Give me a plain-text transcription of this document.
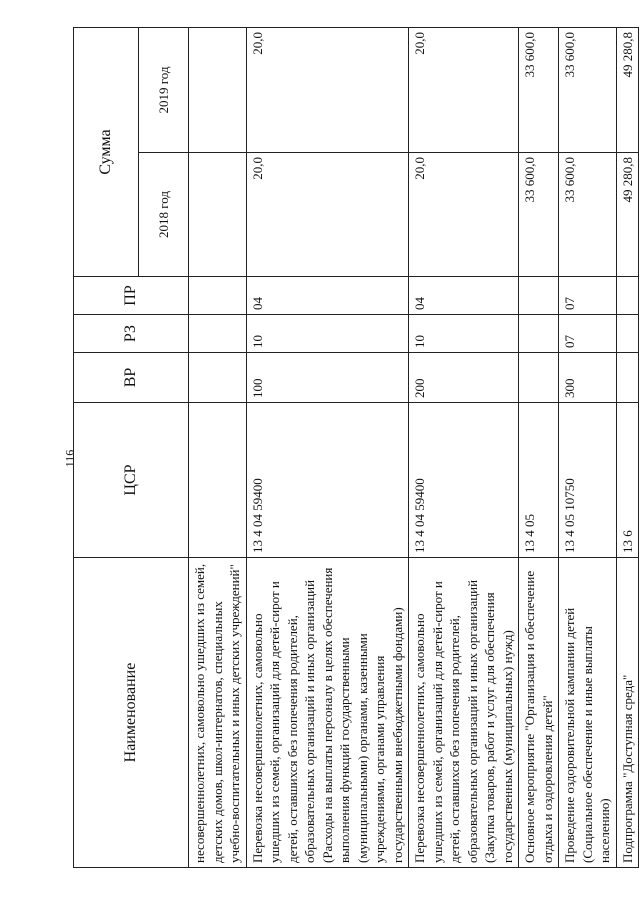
116
Наименование	ЦСР	ВР	РЗ	ПР	Сумма	
					2018 год	2019 год
несовершеннолетних, самовольно ушедших из семей, детских домов, школ-интернатов, специальных учебно-воспитательных и иных детских учреждений"						
Перевозка несовершеннолетних, самовольно ушедших из семей, организаций для детей-сирот и детей, оставшихся без попечения родителей, образовательных организаций и иных организаций (Расходы на выплаты персоналу в целях обеспечения выполнения функций государственными (муниципальными) органами, казенными учреждениями, органами управления государственными внебюджетными фондами)	13 4 04 59400	100	10	04	20,0	20,0
Перевозка несовершеннолетних, самовольно ушедших из семей, организаций для детей-сирот и детей, оставшихся без попечения родителей, образовательных организаций и иных организаций (Закупка товаров, работ и услуг для обеспечения государственных (муниципальных) нужд)	13 4 04 59400	200	10	04	20,0	20,0
Основное мероприятие "Организация и обеспечение отдыха и оздоровления детей"	13 4 05				33 600,0	33 600,0
Проведение оздоровительной кампании детей (Социальное обеспечение и иные выплаты населению)	13 4 05 10750	300	07	07	33 600,0	33 600,0
Подпрограмма "Доступная среда"	13 6				49 280,8	49 280,8
